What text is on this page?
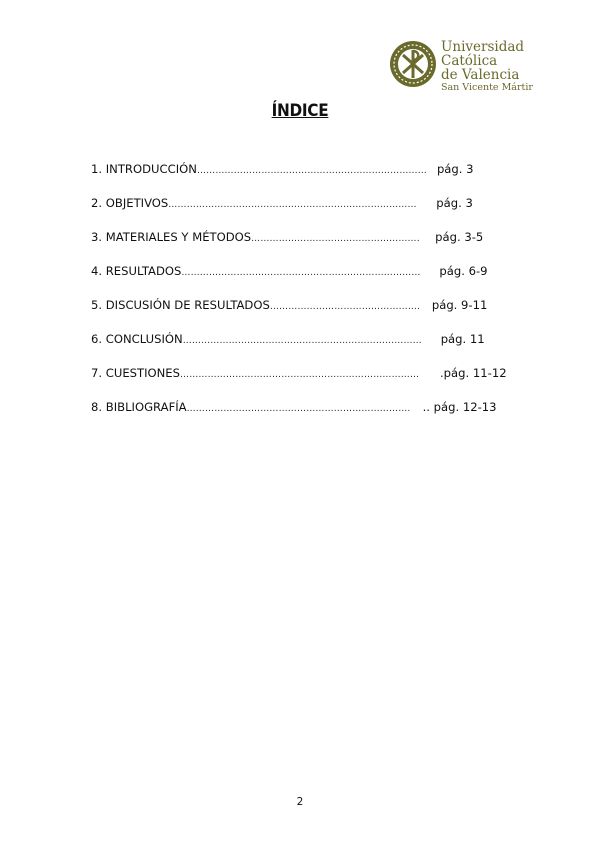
Universidad
Católica
de Valencia
San Vicente Mártir
ÍNDICE
1. INTRODUCCIÓN ………………………………………………………………… pág. 3
2. OBJETIVOS ………………………………………………………………………	pág. 3
3. MATERIALES Y MÉTODOS ……………………………………………….	pág. 3-5
4. RESULTADOS ……………………………………………………………………	pág. 6-9
5. DISCUSIÓN DE RESULTADOS ………………………………………….	pág. 9-11
6. CONCLUSIÓN ……………………………………………………………………	pág. 11
7. CUESTIONES ……………………………………………………………………	.pág. 11-12
8. BIBLIOGRAFÍA ……………………………………………………………….	.. pág. 12-13
2
